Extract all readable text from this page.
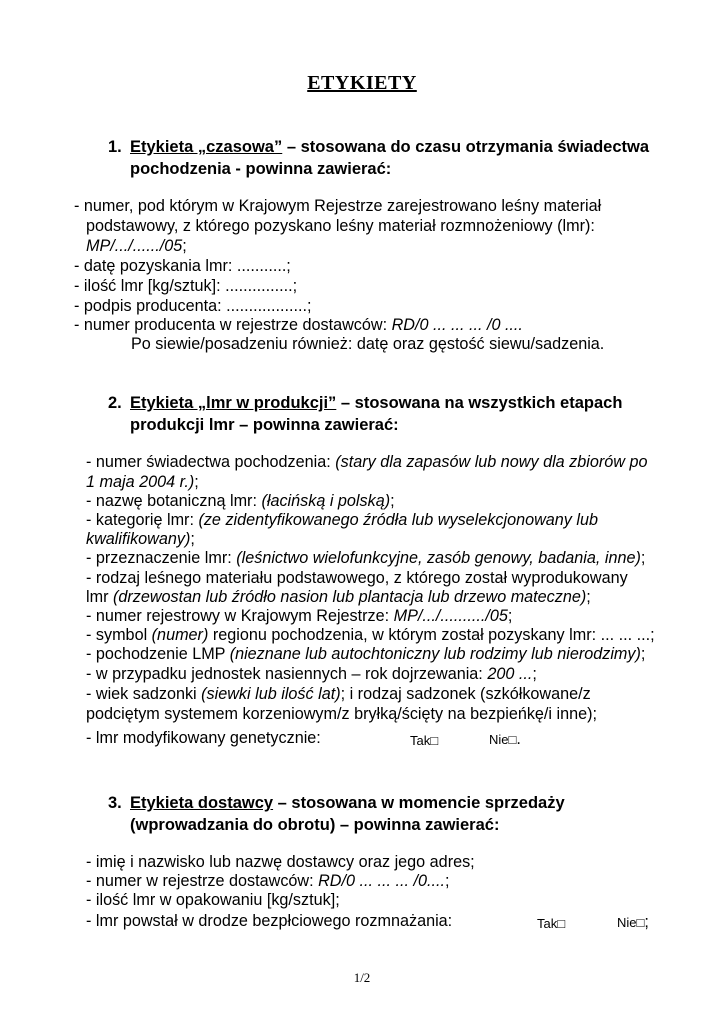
ETYKIETY
1. Etykieta „czasowa” – stosowana do czasu otrzymania świadectwa
pochodzenia - powinna zawierać:
- numer, pod którym w Krajowym Rejestrze zarejestrowano leśny materiał
podstawowy, z którego pozyskano leśny materiał rozmnożeniowy (lmr):
MP/.../....../05;
- datę pozyskania lmr: ...........;
- ilość lmr [kg/sztuk]: ...............;
- podpis producenta: ..................;
- numer producenta w rejestrze dostawców: RD/0 ... ... ... /0 ....
Po siewie/posadzeniu również: datę oraz gęstość siewu/sadzenia.
2. Etykieta „lmr w produkcji” – stosowana na wszystkich etapach
produkcji lmr – powinna zawierać:
- numer świadectwa pochodzenia: (stary dla zapasów lub nowy dla zbiorów po
1 maja 2004 r.);
- nazwę botaniczną lmr: (łacińską i polską);
- kategorię lmr: (ze zidentyfikowanego źródła lub wyselekcjonowany lub
kwalifikowany);
- przeznaczenie lmr: (leśnictwo wielofunkcyjne, zasób genowy, badania, inne);
- rodzaj leśnego materiału podstawowego, z którego został wyprodukowany
lmr (drzewostan lub źródło nasion lub plantacja lub drzewo mateczne);
- numer rejestrowy w Krajowym Rejestrze: MP/.../........../05;
- symbol (numer) regionu pochodzenia, w którym został pozyskany lmr: ... ... ...;
- pochodzenie LMP (nieznane lub autochtoniczny lub rodzimy lub nierodzimy);
- w przypadku jednostek nasiennych – rok dojrzewania: 200 ...;
- wiek sadzonki (siewki lub ilość lat); i rodzaj sadzonek (szkółkowane/z
podciętym systemem korzeniowym/z bryłką/ścięty na bezpieńkę/i inne);
- lmr modyfikowany genetycznie:	Tak□	Nie□.
3. Etykieta dostawcy – stosowana w momencie sprzedaży
(wprowadzania do obrotu) – powinna zawierać:
- imię i nazwisko lub nazwę dostawcy oraz jego adres;
- numer w rejestrze dostawców: RD/0 ... ... ... /0....;
- ilość lmr w opakowaniu [kg/sztuk];
- lmr powstał w drodze bezpłciowego rozmnażania:	Tak□	Nie□;
1/2
